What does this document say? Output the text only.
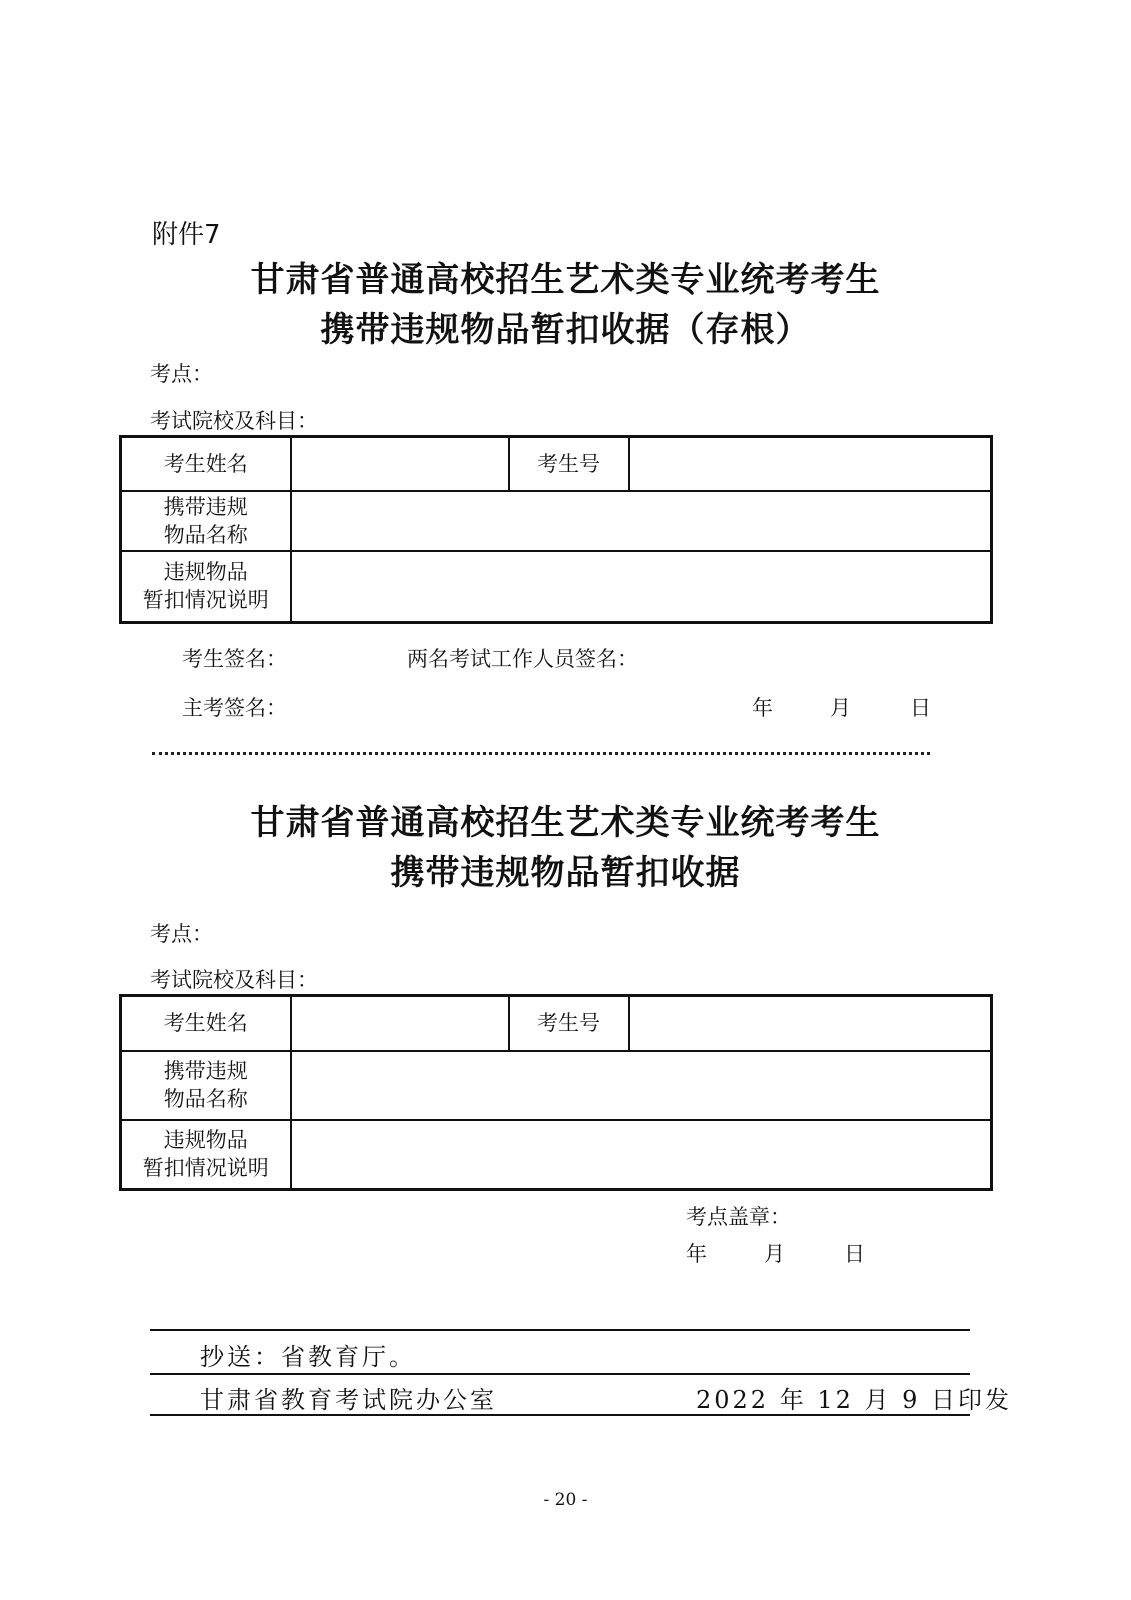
附件7
甘肃省普通高校招生艺术类专业统考考生
携带违规物品暂扣收据（存根）
考点：
考试院校及科目：
考生姓名		考生号	
携带违规
物品名称			
违规物品
暂扣情况说明			
考生签名：	两名考试工作人员签名：
主考签名：	年	月	日
甘肃省普通高校招生艺术类专业统考考生
携带违规物品暂扣收据
考点：
考试院校及科目：
考生姓名		考生号	
携带违规
物品名称			
违规物品
暂扣情况说明			
考点盖章：
年	月	日
抄送：省教育厅。
甘肃省教育考试院办公室	2022 年 12 月 9 日印发
- 20 -
